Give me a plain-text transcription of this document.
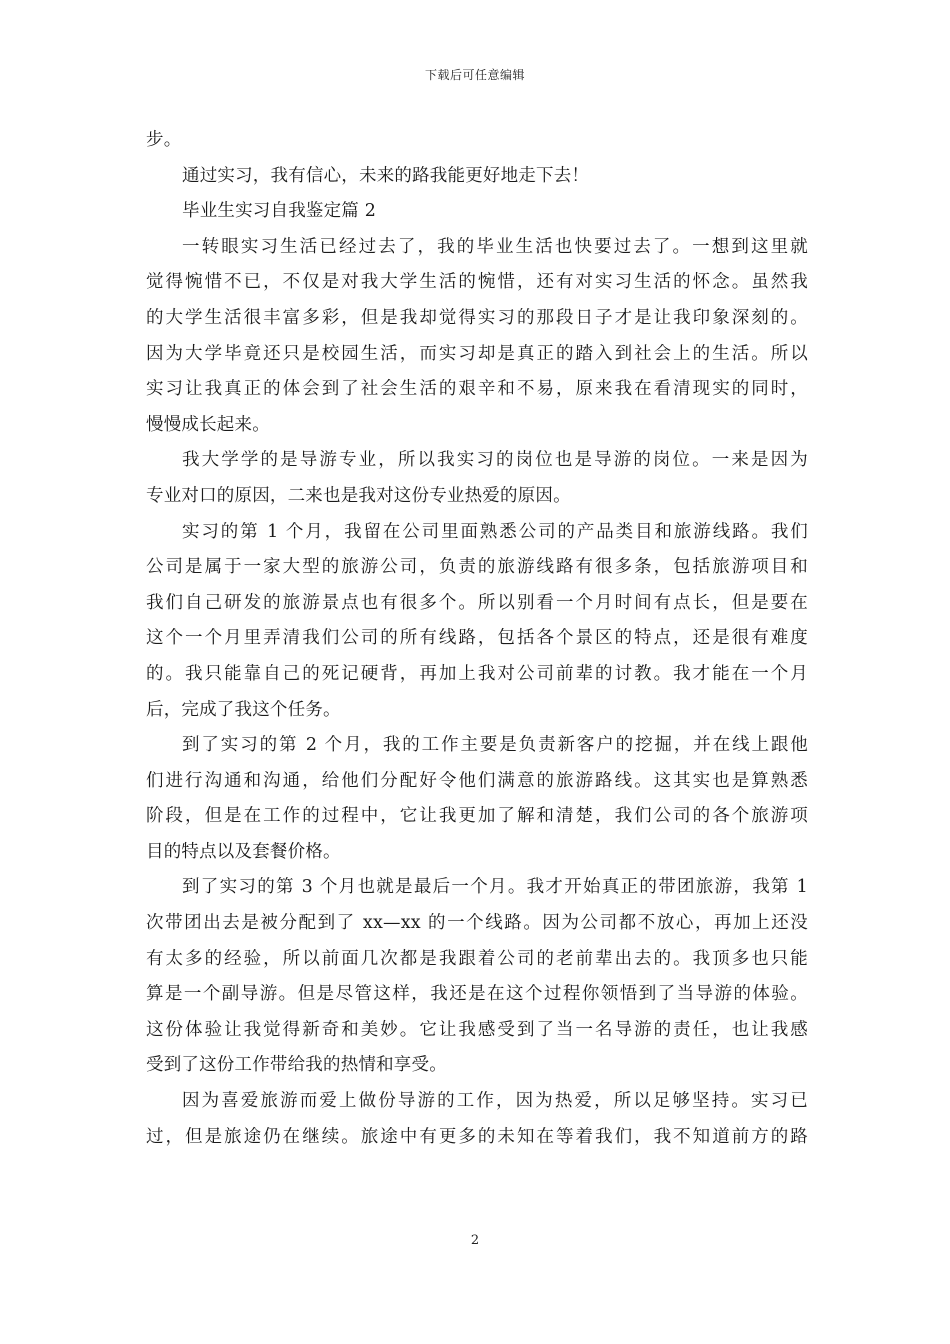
下载后可任意编辑
步。
通过实习，我有信心，未来的路我能更好地走下去！
毕业生实习自我鉴定篇 2
一转眼实习生活已经过去了，我的毕业生活也快要过去了。一想到这里就
觉得惋惜不已，不仅是对我大学生活的惋惜，还有对实习生活的怀念。虽然我
的大学生活很丰富多彩，但是我却觉得实习的那段日子才是让我印象深刻的。
因为大学毕竟还只是校园生活，而实习却是真正的踏入到社会上的生活。所以
实习让我真正的体会到了社会生活的艰辛和不易，原来我在看清现实的同时，
慢慢成长起来。
我大学学的是导游专业，所以我实习的岗位也是导游的岗位。一来是因为
专业对口的原因，二来也是我对这份专业热爱的原因。
实习的第 1 个月，我留在公司里面熟悉公司的产品类目和旅游线路。我们
公司是属于一家大型的旅游公司，负责的旅游线路有很多条，包括旅游项目和
我们自己研发的旅游景点也有很多个。所以别看一个月时间有点长，但是要在
这个一个月里弄清我们公司的所有线路，包括各个景区的特点，还是很有难度
的。我只能靠自己的死记硬背，再加上我对公司前辈的讨教。我才能在一个月
后，完成了我这个任务。
到了实习的第 2 个月，我的工作主要是负责新客户的挖掘，并在线上跟他
们进行沟通和沟通，给他们分配好令他们满意的旅游路线。这其实也是算熟悉
阶段，但是在工作的过程中，它让我更加了解和清楚，我们公司的各个旅游项
目的特点以及套餐价格。
到了实习的第 3 个月也就是最后一个月。我才开始真正的带团旅游，我第 1
次带团出去是被分配到了 xx—xx 的一个线路。因为公司都不放心，再加上还没
有太多的经验，所以前面几次都是我跟着公司的老前辈出去的。我顶多也只能
算是一个副导游。但是尽管这样，我还是在这个过程你领悟到了当导游的体验。
这份体验让我觉得新奇和美妙。它让我感受到了当一名导游的责任，也让我感
受到了这份工作带给我的热情和享受。
因为喜爱旅游而爱上做份导游的工作，因为热爱，所以足够坚持。实习已
过，但是旅途仍在继续。旅途中有更多的未知在等着我们，我不知道前方的路
2
